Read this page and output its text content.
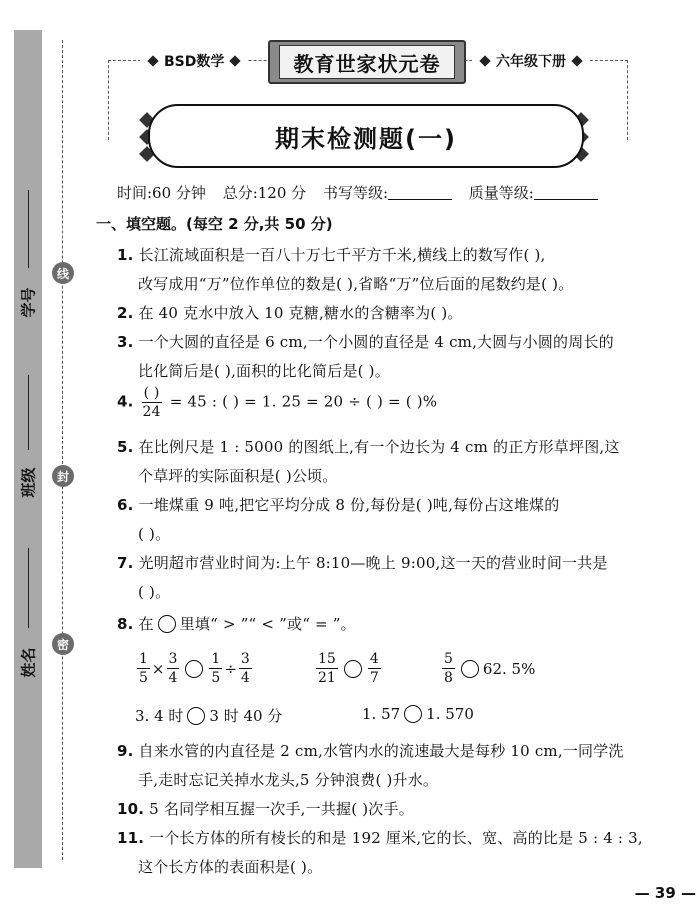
线
封
密
学号
班级
姓名
BSD数学	六年级下册
教育世家状元卷
期末检测题(一)
时间:60 分钟 总分:120 分 书写等级:	质量等级:
一、填空题。(每空 2 分,共 50 分)
1. 长江流域面积是一百八十万七千平方千米,横线上的数写作( ),
改写成用“万”位作单位的数是( ),省略“万”位后面的尾数约是( )。
2. 在 40 克水中放入 10 克糖,糖水的含糖率为( )。
3. 一个大圆的直径是 6 cm,一个小圆的直径是 4 cm,大圆与小圆的周长的
比化简后是( ),面积的比化简后是( )。
4. $\frac{( )}{24} = 45$ : ( ) = 1. 25 = 20 ÷ ( ) = ( )%
5. 在比例尺是 1 : 5000 的图纸上,有一个边长为 4 cm 的正方形草坪图,这
个草坪的实际面积是( )公顷。
6. 一堆煤重 9 吨,把它平均分成 8 份,每份是( )吨,每份占这堆煤的
( )。
7. 光明超市营业时间为:上午 8:10—晚上 9:00,这一天的营业时间一共是
( )。
8.
在 里填“ > ”“ < ”或“ = ”。
$\frac{1}{5} \times \frac{3}{4} \frac{1}{5} \div \frac{3}{4}$	$\frac{15}{21} \frac{4}{7}$	$\frac{5}{8} 62$. 5%
3. 4 时 3 时 40 分	1. 57 1. 570
9. 自来水管的内直径是 2 cm,水管内水的流速最大是每秒 10 cm,一同学洗
手,走时忘记关掉水龙头,5 分钟浪费( )升水。
10. 5 名同学相互握一次手,一共握( )次手。
11. 一个长方体的所有棱长的和是 192 厘米,它的长、宽、高的比是 5 : 4 : 3,
这个长方体的表面积是( )。
— 39 —
